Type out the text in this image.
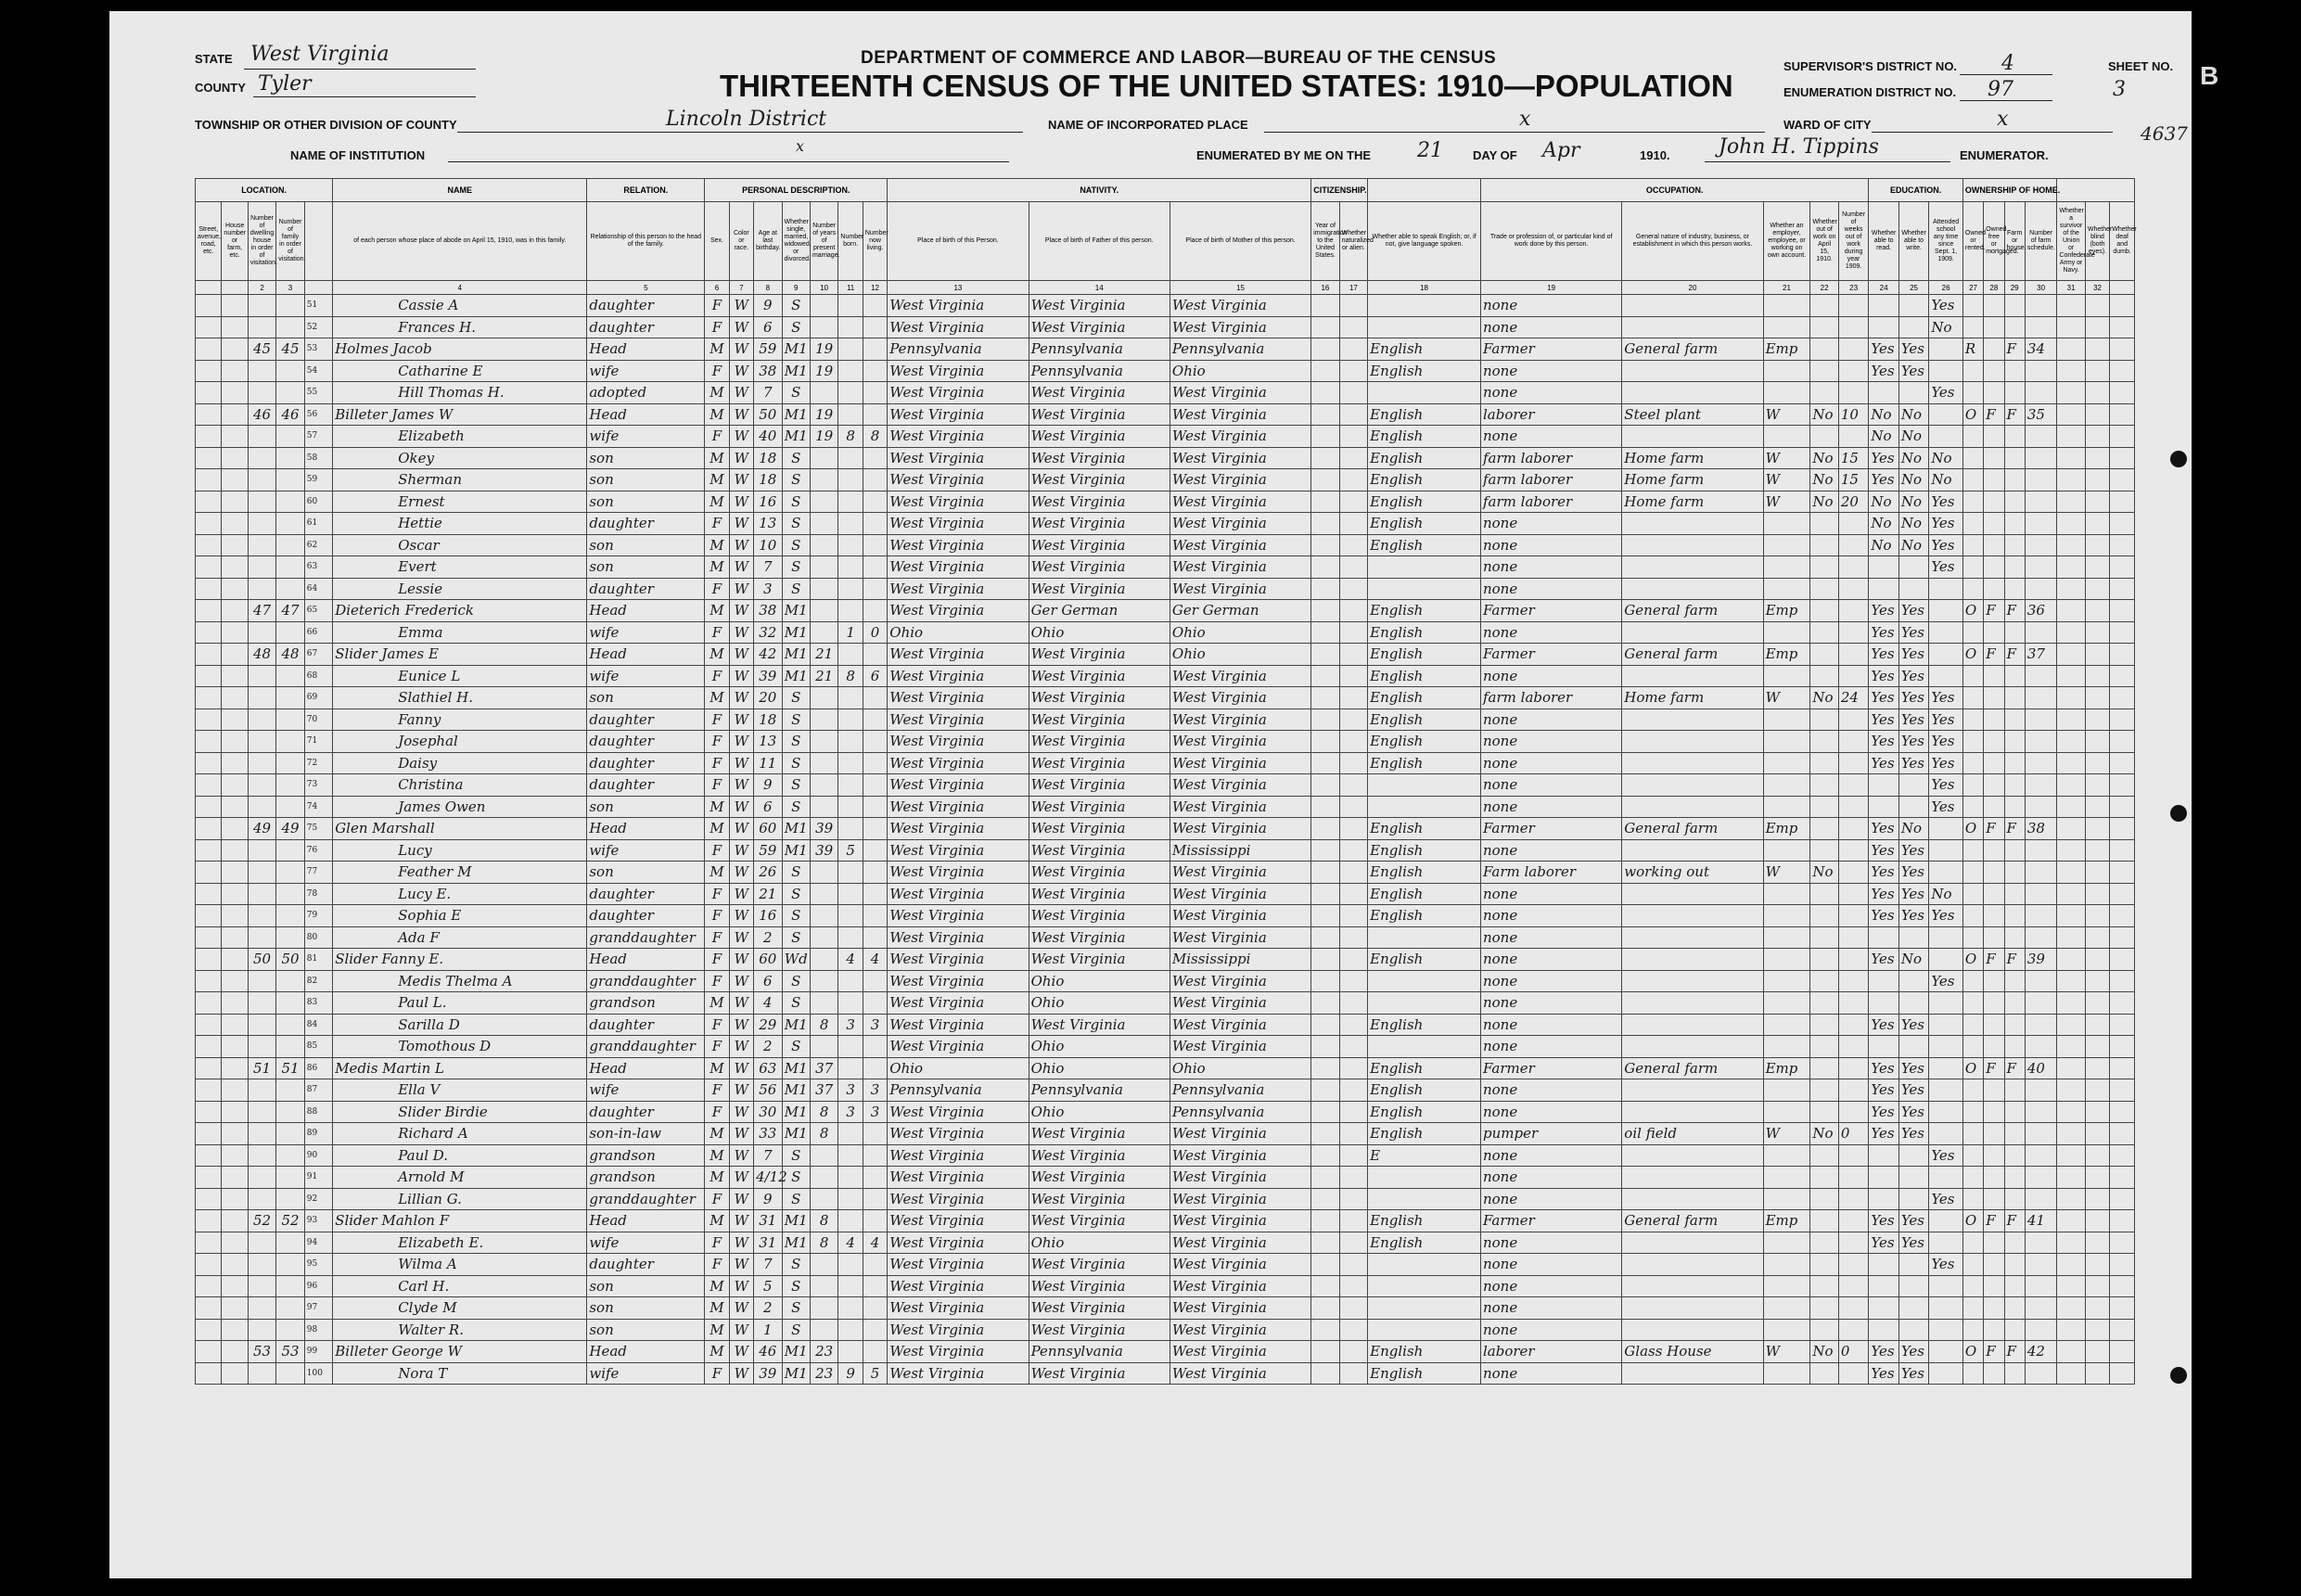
STATE West Virginia
COUNTY Tyler
DEPARTMENT OF COMMERCE AND LABOR—BUREAU OF THE CENSUS
THIRTEENTH CENSUS OF THE UNITED STATES: 1910—POPULATION
SUPERVISOR'S DISTRICT NO. 4
ENUMERATION DISTRICT NO. 97
SHEET NO.
3
TOWNSHIP OR OTHER DIVISION OF COUNTY	Lincoln District	NAME OF INCORPORATED PLACE	x	WARD OF CITY	x
NAME OF INSTITUTION
x
ENUMERATED BY ME ON THE 21 DAY OF Apr	1910. John H. Tippins	ENUMERATOR.
4637
LOCATION.					NAME	RELATION.	PERSONAL DESCRIPTION.							NATIVITY.			CITIZENSHIP.			OCCUPATION.					EDUCATION.			OWNERSHIP OF HOME.						
Street, avenue, road, etc.	House number or farm, etc.	Number of dwelling house in order of visitation.	Number of family in order of visitation.		of each person whose place of abode on April 15, 1910, was in this family.	Relationship of this person to the head of the family.	Sex.	Color or race.	Age at last birthday.	Whether single, married, widowed, or divorced.	Number of years of present marriage.	Number born.	Number now living.	Place of birth of this Person.	Place of birth of Father of this person.	Place of birth of Mother of this person.	Year of immigration to the United States.	Whether naturalized or alien.	Whether able to speak English; or, if not, give language spoken.	Trade or profession of, or particular kind of work done by this person.	General nature of industry, business, or establishment in which this person works.	Whether an employer, employee, or working on own account.	Whether out of work on April 15, 1910.	Number of weeks out of work during year 1909.	Whether able to read.	Whether able to write.	Attended school any time since Sept. 1, 1909.	Owned or rented.	Owned free or mortgaged.	Farm or house.	Number of farm schedule.	Whether a survivor of the Union or Confederate Army or Navy.	Whether blind (both eyes).	Whether deaf and dumb.
		2	3		4	5	6	7	8	9	10	11	12	13	14	15	16	17	18	19	20	21	22	23	24	25	26	27	28	29	30	31	32	
				51	Cassie A	daughter	F	W	9	S				West Virginia	West Virginia	West Virginia				none							Yes							
				52	Frances H.	daughter	F	W	6	S				West Virginia	West Virginia	West Virginia				none							No							
		45	45	53	Holmes Jacob	Head	M	W	59	M1	19			Pennsylvania	Pennsylvania	Pennsylvania			English	Farmer	General farm	Emp			Yes	Yes		R		F	34			
				54	Catharine E	wife	F	W	38	M1	19			West Virginia	Pennsylvania	Ohio			English	none					Yes	Yes								
				55	Hill Thomas H.	adopted	M	W	7	S				West Virginia	West Virginia	West Virginia				none							Yes							
		46	46	56	Billeter James W	Head	M	W	50	M1	19			West Virginia	West Virginia	West Virginia			English	laborer	Steel plant	W	No	10	No	No		O	F	F	35			
				57	Elizabeth	wife	F	W	40	M1	19	8	8	West Virginia	West Virginia	West Virginia			English	none					No	No								
				58	Okey	son	M	W	18	S				West Virginia	West Virginia	West Virginia			English	farm laborer	Home farm	W	No	15	Yes	No	No							
				59	Sherman	son	M	W	18	S				West Virginia	West Virginia	West Virginia			English	farm laborer	Home farm	W	No	15	Yes	No	No							
				60	Ernest	son	M	W	16	S				West Virginia	West Virginia	West Virginia			English	farm laborer	Home farm	W	No	20	No	No	Yes							
				61	Hettie	daughter	F	W	13	S				West Virginia	West Virginia	West Virginia			English	none					No	No	Yes							
				62	Oscar	son	M	W	10	S				West Virginia	West Virginia	West Virginia			English	none					No	No	Yes							
				63	Evert	son	M	W	7	S				West Virginia	West Virginia	West Virginia				none							Yes							
				64	Lessie	daughter	F	W	3	S				West Virginia	West Virginia	West Virginia				none														
		47	47	65	Dieterich Frederick	Head	M	W	38	M1				West Virginia	Ger German	Ger German			English	Farmer	General farm	Emp			Yes	Yes		O	F	F	36			
				66	Emma	wife	F	W	32	M1		1	0	Ohio	Ohio	Ohio			English	none					Yes	Yes								
		48	48	67	Slider James E	Head	M	W	42	M1	21			West Virginia	West Virginia	Ohio			English	Farmer	General farm	Emp			Yes	Yes		O	F	F	37			
				68	Eunice L	wife	F	W	39	M1	21	8	6	West Virginia	West Virginia	West Virginia			English	none					Yes	Yes								
				69	Slathiel H.	son	M	W	20	S				West Virginia	West Virginia	West Virginia			English	farm laborer	Home farm	W	No	24	Yes	Yes	Yes							
				70	Fanny	daughter	F	W	18	S				West Virginia	West Virginia	West Virginia			English	none					Yes	Yes	Yes							
				71	Josephal	daughter	F	W	13	S				West Virginia	West Virginia	West Virginia			English	none					Yes	Yes	Yes							
				72	Daisy	daughter	F	W	11	S				West Virginia	West Virginia	West Virginia			English	none					Yes	Yes	Yes							
				73	Christina	daughter	F	W	9	S				West Virginia	West Virginia	West Virginia				none							Yes							
				74	James Owen	son	M	W	6	S				West Virginia	West Virginia	West Virginia				none							Yes							
		49	49	75	Glen Marshall	Head	M	W	60	M1	39			West Virginia	West Virginia	West Virginia			English	Farmer	General farm	Emp			Yes	No		O	F	F	38			
				76	Lucy	wife	F	W	59	M1	39	5		West Virginia	West Virginia	Mississippi			English	none					Yes	Yes								
				77	Feather M	son	M	W	26	S				West Virginia	West Virginia	West Virginia			English	Farm laborer	working out	W	No		Yes	Yes								
				78	Lucy E.	daughter	F	W	21	S				West Virginia	West Virginia	West Virginia			English	none					Yes	Yes	No							
				79	Sophia E	daughter	F	W	16	S				West Virginia	West Virginia	West Virginia			English	none					Yes	Yes	Yes							
				80	Ada F	granddaughter	F	W	2	S				West Virginia	West Virginia	West Virginia				none														
		50	50	81	Slider Fanny E.	Head	F	W	60	Wd		4	4	West Virginia	West Virginia	Mississippi			English	none					Yes	No		O	F	F	39			
				82	Medis Thelma A	granddaughter	F	W	6	S				West Virginia	Ohio	West Virginia				none							Yes							
				83	Paul L.	grandson	M	W	4	S				West Virginia	Ohio	West Virginia				none														
				84	Sarilla D	daughter	F	W	29	M1	8	3	3	West Virginia	West Virginia	West Virginia			English	none					Yes	Yes								
				85	Tomothous D	granddaughter	F	W	2	S				West Virginia	Ohio	West Virginia				none														
		51	51	86	Medis Martin L	Head	M	W	63	M1	37			Ohio	Ohio	Ohio			English	Farmer	General farm	Emp			Yes	Yes		O	F	F	40			
				87	Ella V	wife	F	W	56	M1	37	3	3	Pennsylvania	Pennsylvania	Pennsylvania			English	none					Yes	Yes								
				88	Slider Birdie	daughter	F	W	30	M1	8	3	3	West Virginia	Ohio	Pennsylvania			English	none					Yes	Yes								
				89	Richard A	son-in-law	M	W	33	M1	8			West Virginia	West Virginia	West Virginia			English	pumper	oil field	W	No	0	Yes	Yes								
				90	Paul D.	grandson	M	W	7	S				West Virginia	West Virginia	West Virginia			E	none							Yes							
				91	Arnold M	grandson	M	W	4/12	S				West Virginia	West Virginia	West Virginia				none														
				92	Lillian G.	granddaughter	F	W	9	S				West Virginia	West Virginia	West Virginia				none							Yes							
		52	52	93	Slider Mahlon F	Head	M	W	31	M1	8			West Virginia	West Virginia	West Virginia			English	Farmer	General farm	Emp			Yes	Yes		O	F	F	41			
				94	Elizabeth E.	wife	F	W	31	M1	8	4	4	West Virginia	Ohio	West Virginia			English	none					Yes	Yes								
				95	Wilma A	daughter	F	W	7	S				West Virginia	West Virginia	West Virginia				none							Yes							
				96	Carl H.	son	M	W	5	S				West Virginia	West Virginia	West Virginia				none														
				97	Clyde M	son	M	W	2	S				West Virginia	West Virginia	West Virginia				none														
				98	Walter R.	son	M	W	1	S				West Virginia	West Virginia	West Virginia				none														
		53	53	99	Billeter George W	Head	M	W	46	M1	23			West Virginia	Pennsylvania	West Virginia			English	laborer	Glass House	W	No	0	Yes	Yes		O	F	F	42			
				100	Nora T	wife	F	W	39	M1	23	9	5	West Virginia	West Virginia	West Virginia			English	none					Yes	Yes								
B
